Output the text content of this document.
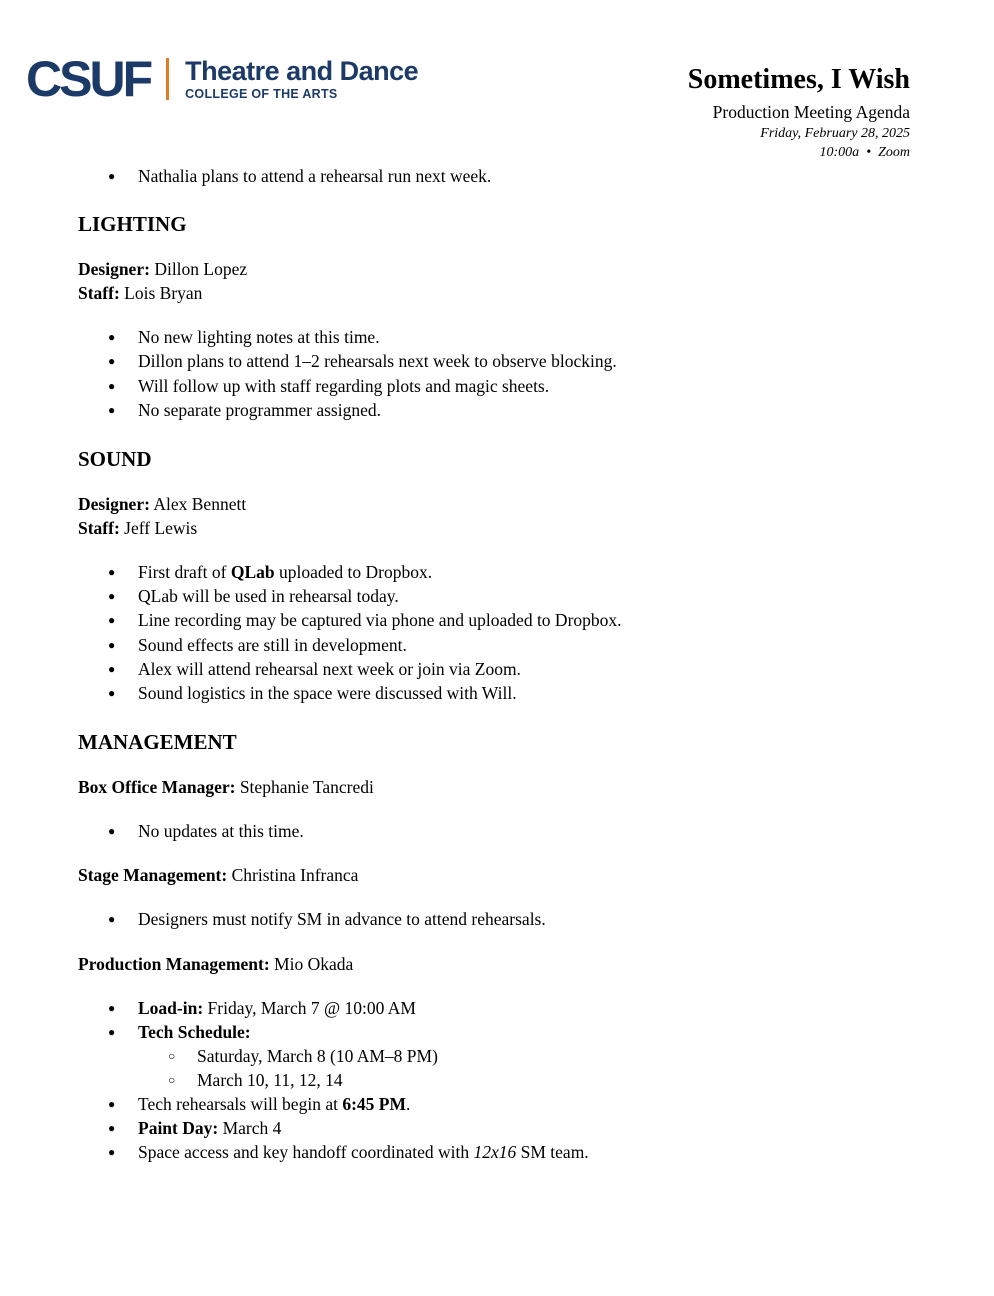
CSUF Theatre and Dance
COLLEGE OF THE ARTS	Sometimes, I Wish
Production Meeting Agenda
Friday, February 28, 2025
10:00a • Zoom
● Nathalia plans to attend a rehearsal run next week.
LIGHTING
Designer: Dillon Lopez
Staff: Lois Bryan
● No new lighting notes at this time.
● Dillon plans to attend 1–2 rehearsals next week to observe blocking.
● Will follow up with staff regarding plots and magic sheets.
● No separate programmer assigned.
SOUND
Designer: Alex Bennett
Staff: Jeff Lewis
● First draft of QLab uploaded to Dropbox.
● QLab will be used in rehearsal today.
● Line recording may be captured via phone and uploaded to Dropbox.
● Sound effects are still in development.
● Alex will attend rehearsal next week or join via Zoom.
● Sound logistics in the space were discussed with Will.
MANAGEMENT
Box Office Manager: Stephanie Tancredi
● No updates at this time.
Stage Management: Christina Infranca
● Designers must notify SM in advance to attend rehearsals.
Production Management: Mio Okada
● Load-in: Friday, March 7 @ 10:00 AM
● Tech Schedule:
○ Saturday, March 8 (10 AM–8 PM)
○ March 10, 11, 12, 14
● Tech rehearsals will begin at 6:45 PM.
● Paint Day: March 4
● Space access and key handoff coordinated with 12x16 SM team.
